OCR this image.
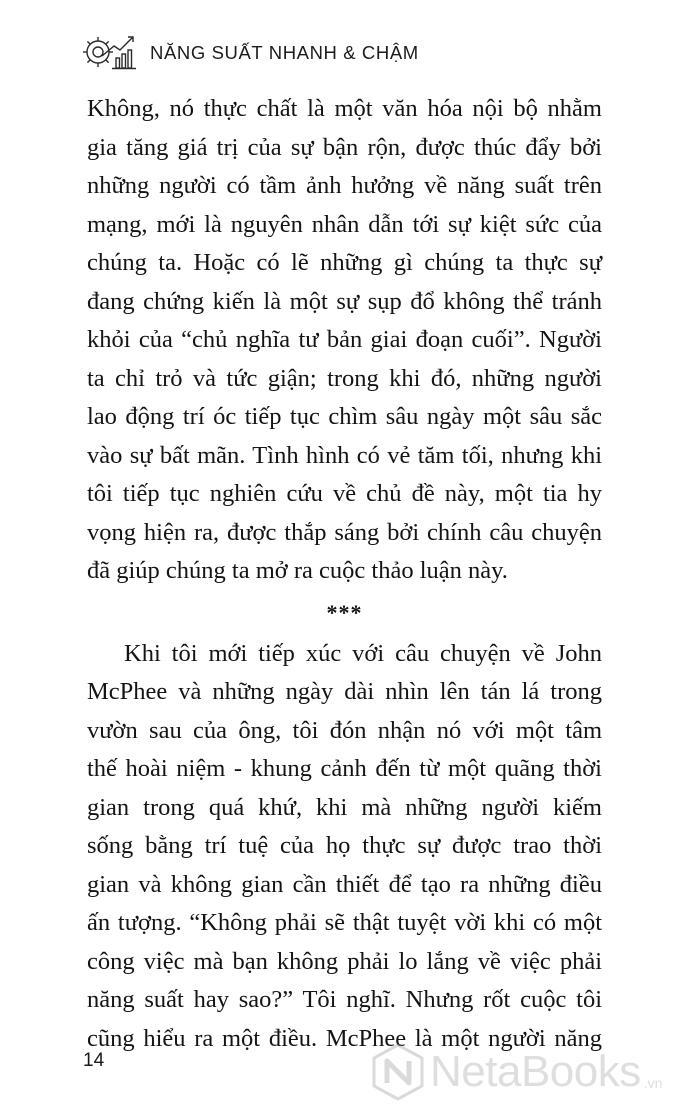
NĂNG SUẤT NHANH & CHẬM
Không, nó thực chất là một văn hóa nội bộ nhằm
gia tăng giá trị của sự bận rộn, được thúc đẩy bởi
những người có tầm ảnh hưởng về năng suất trên
mạng, mới là nguyên nhân dẫn tới sự kiệt sức của
chúng ta. Hoặc có lẽ những gì chúng ta thực sự
đang chứng kiến là một sự sụp đổ không thể tránh
khỏi của “chủ nghĩa tư bản giai đoạn cuối”. Người
ta chỉ trỏ và tức giận; trong khi đó, những người
lao động trí óc tiếp tục chìm sâu ngày một sâu sắc
vào sự bất mãn. Tình hình có vẻ tăm tối, nhưng khi
tôi tiếp tục nghiên cứu về chủ đề này, một tia hy
vọng hiện ra, được thắp sáng bởi chính câu chuyện
đã giúp chúng ta mở ra cuộc thảo luận này.
***
Khi tôi mới tiếp xúc với câu chuyện về John
McPhee và những ngày dài nhìn lên tán lá trong
vườn sau của ông, tôi đón nhận nó với một tâm
thế hoài niệm - khung cảnh đến từ một quãng thời
gian trong quá khứ, khi mà những người kiếm
sống bằng trí tuệ của họ thực sự được trao thời
gian và không gian cần thiết để tạo ra những điều
ấn tượng. “Không phải sẽ thật tuyệt vời khi có một
công việc mà bạn không phải lo lắng về việc phải
năng suất hay sao?” Tôi nghĩ. Nhưng rốt cuộc tôi
cũng hiểu ra một điều. McPhee là một người năng
14	NetaBooks .vn
